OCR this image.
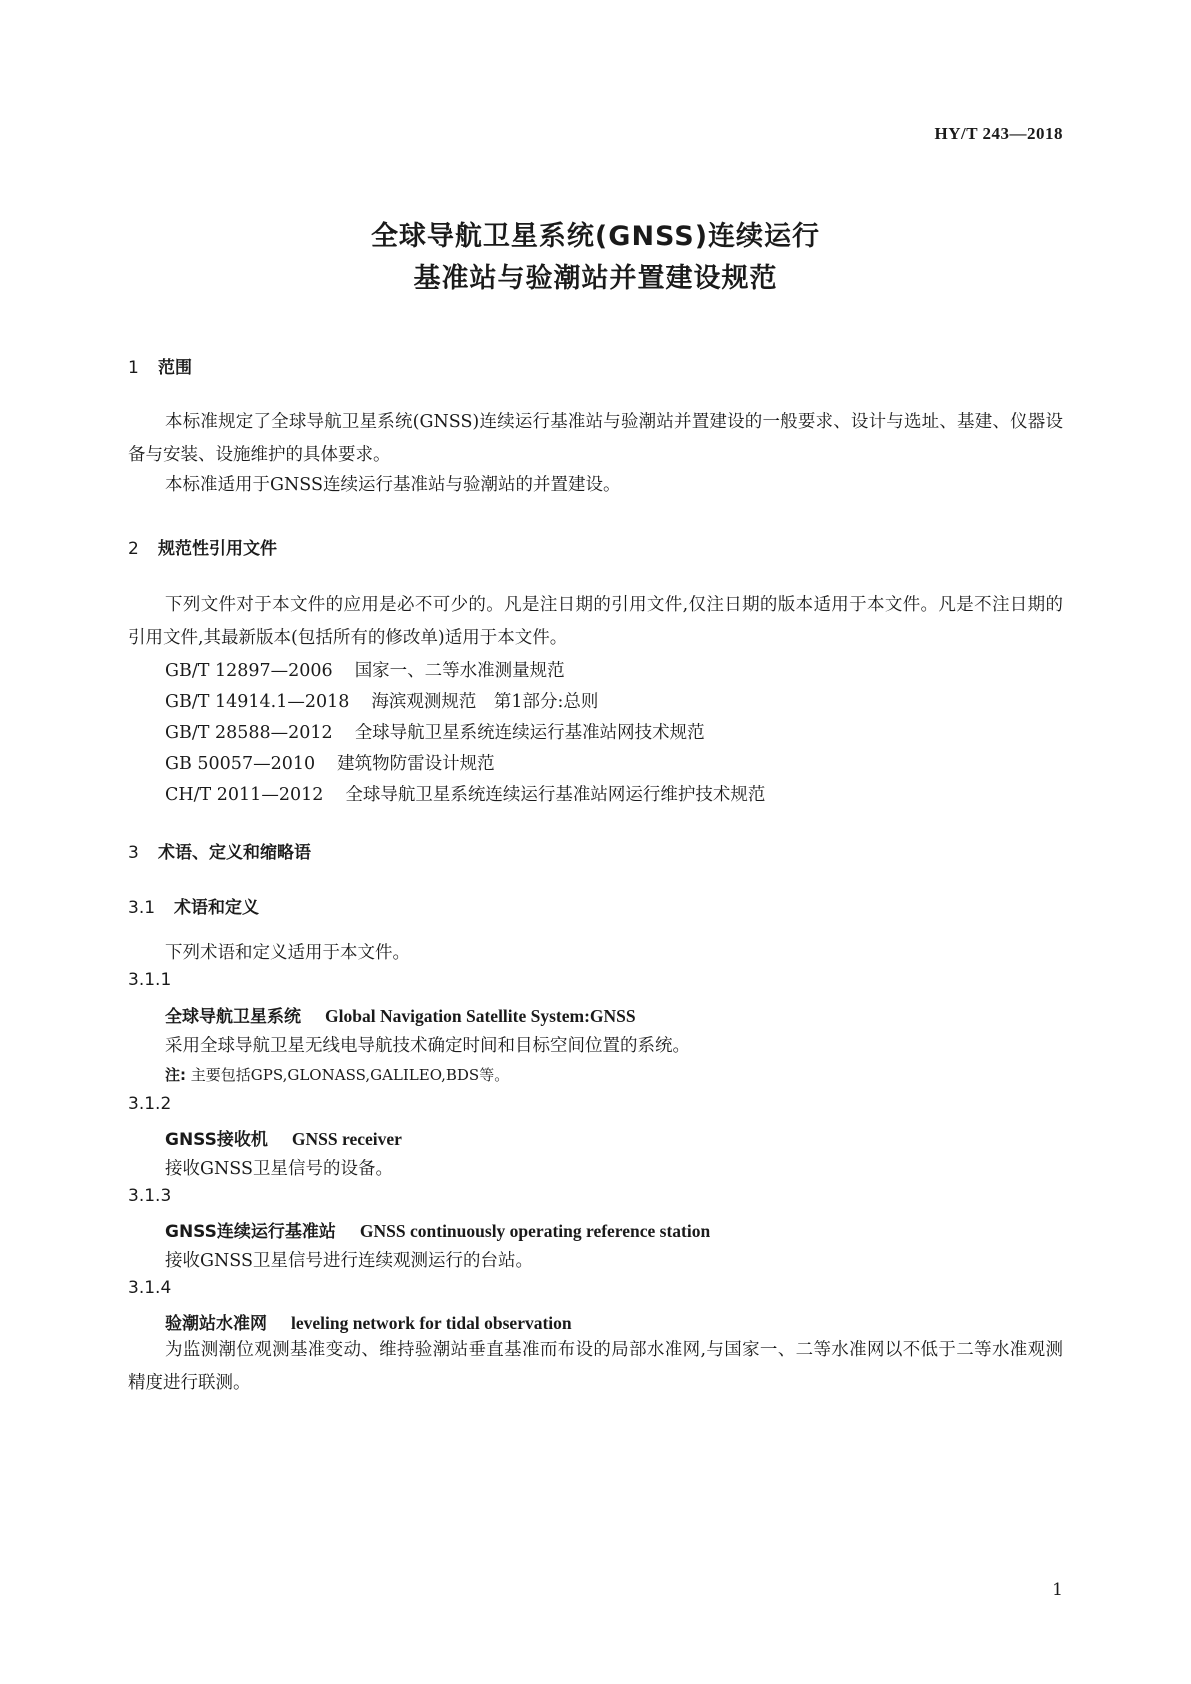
HY/T 243—2018
全球导航卫星系统(GNSS)连续运行
基准站与验潮站并置建设规范
1 范围
本标准规定了全球导航卫星系统(GNSS)连续运行基准站与验潮站并置建设的一般要求、设计与选址、基建、仪器设备与安装、设施维护的具体要求。
本标准适用于GNSS连续运行基准站与验潮站的并置建设。
2 规范性引用文件
下列文件对于本文件的应用是必不可少的。凡是注日期的引用文件,仅注日期的版本适用于本文件。凡是不注日期的引用文件,其最新版本(包括所有的修改单)适用于本文件。
GB/T 12897—2006 国家一、二等水准测量规范
GB/T 14914.1—2018 海滨观测规范　第1部分:总则
GB/T 28588—2012 全球导航卫星系统连续运行基准站网技术规范
GB 50057—2010 建筑物防雷设计规范
CH/T 2011—2012 全球导航卫星系统连续运行基准站网运行维护技术规范
3 术语、定义和缩略语
3.1 术语和定义
下列术语和定义适用于本文件。
3.1.1
全球导航卫星系统 Global Navigation Satellite System:GNSS
采用全球导航卫星无线电导航技术确定时间和目标空间位置的系统。
注: 主要包括GPS,GLONASS,GALILEO,BDS等。
3.1.2
GNSS接收机 GNSS receiver
接收GNSS卫星信号的设备。
3.1.3
GNSS连续运行基准站 GNSS continuously operating reference station
接收GNSS卫星信号进行连续观测运行的台站。
3.1.4
验潮站水准网 leveling network for tidal observation
为监测潮位观测基准变动、维持验潮站垂直基准而布设的局部水准网,与国家一、二等水准网以不低于二等水准观测精度进行联测。
1
